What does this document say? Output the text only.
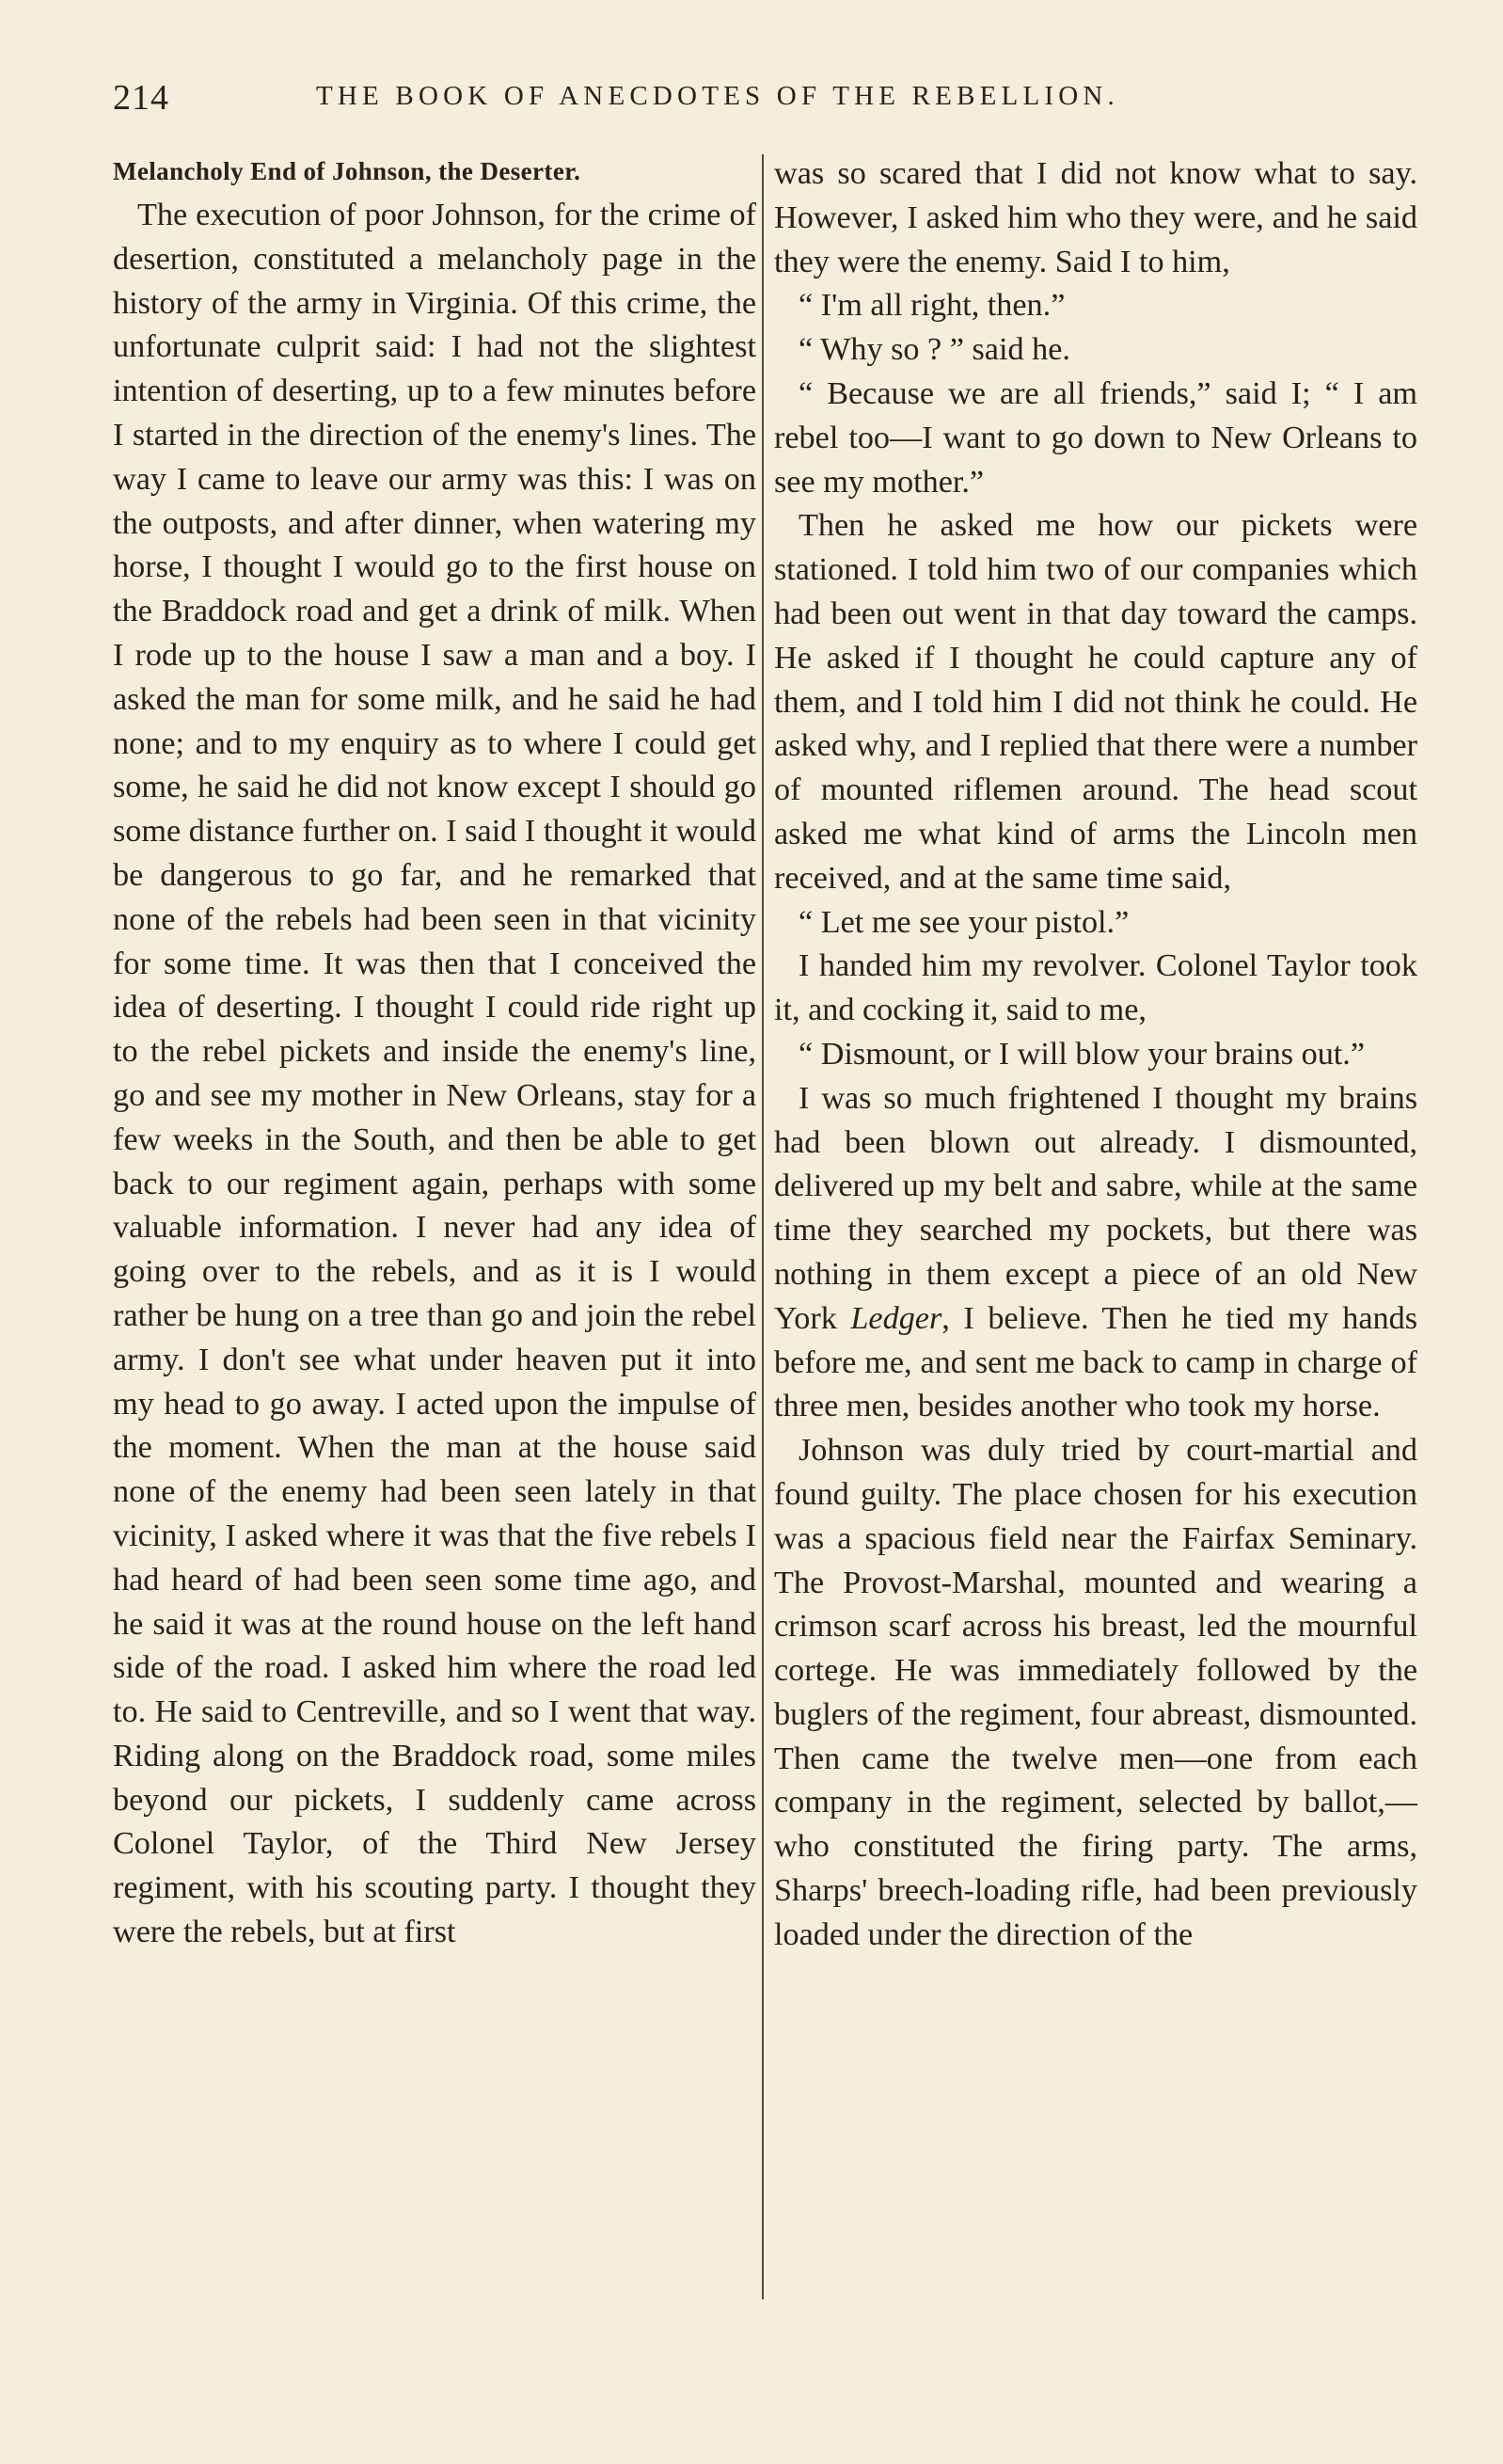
214	THE BOOK OF ANECDOTES OF THE REBELLION.

Melancholy End of Johnson, the Deserter.

The execution of poor Johnson, for the crime of desertion, constituted a melancholy page in the history of the army in Virginia. Of this crime, the unfortunate culprit said: I had not the slightest intention of deserting, up to a few minutes before I started in the direction of the enemy's lines. The way I came to leave our army was this: I was on the outposts, and after dinner, when watering my horse, I thought I would go to the first house on the Braddock road and get a drink of milk. When I rode up to the house I saw a man and a boy. I asked the man for some milk, and he said he had none; and to my enquiry as to where I could get some, he said he did not know except I should go some distance further on. I said I thought it would be dangerous to go far, and he remarked that none of the rebels had been seen in that vicinity for some time. It was then that I conceived the idea of deserting. I thought I could ride right up to the rebel pickets and inside the enemy's line, go and see my mother in New Orleans, stay for a few weeks in the South, and then be able to get back to our regiment again, perhaps with some valuable information. I never had any idea of going over to the rebels, and as it is I would rather be hung on a tree than go and join the rebel army. I don't see what under heaven put it into my head to go away. I acted upon the impulse of the moment. When the man at the house said none of the enemy had been seen lately in that vicinity, I asked where it was that the five rebels I had heard of had been seen some time ago, and he said it was at the round house on the left hand side of the road. I asked him where the road led to. He said to Centreville, and so I went that way. Riding along on the Braddock road, some miles beyond our pickets, I suddenly came across Colonel Taylor, of the Third New Jersey regiment, with his scouting party. I thought they were the rebels, but at first

was so scared that I did not know what to say. However, I asked him who they were, and he said they were the enemy. Said I to him,

“ I'm all right, then.”

“ Why so ? ” said he.

“ Because we are all friends,” said I; “ I am rebel too—I want to go down to New Orleans to see my mother.”

Then he asked me how our pickets were stationed. I told him two of our companies which had been out went in that day toward the camps. He asked if I thought he could capture any of them, and I told him I did not think he could. He asked why, and I replied that there were a number of mounted riflemen around. The head scout asked me what kind of arms the Lincoln men received, and at the same time said,

“ Let me see your pistol.”

I handed him my revolver. Colonel Taylor took it, and cocking it, said to me,

“ Dismount, or I will blow your brains out.”

I was so much frightened I thought my brains had been blown out already. I dismounted, delivered up my belt and sabre, while at the same time they searched my pockets, but there was nothing in them except a piece of an old New York Ledger, I believe. Then he tied my hands before me, and sent me back to camp in charge of three men, besides another who took my horse.

Johnson was duly tried by court-martial and found guilty. The place chosen for his execution was a spacious field near the Fairfax Seminary. The Provost-Marshal, mounted and wearing a crimson scarf across his breast, led the mournful cortege. He was immediately followed by the buglers of the regiment, four abreast, dismounted. Then came the twelve men—one from each company in the regiment, selected by ballot,—who constituted the firing party. The arms, Sharps' breech-loading rifle, had been previously loaded under the direction of the
